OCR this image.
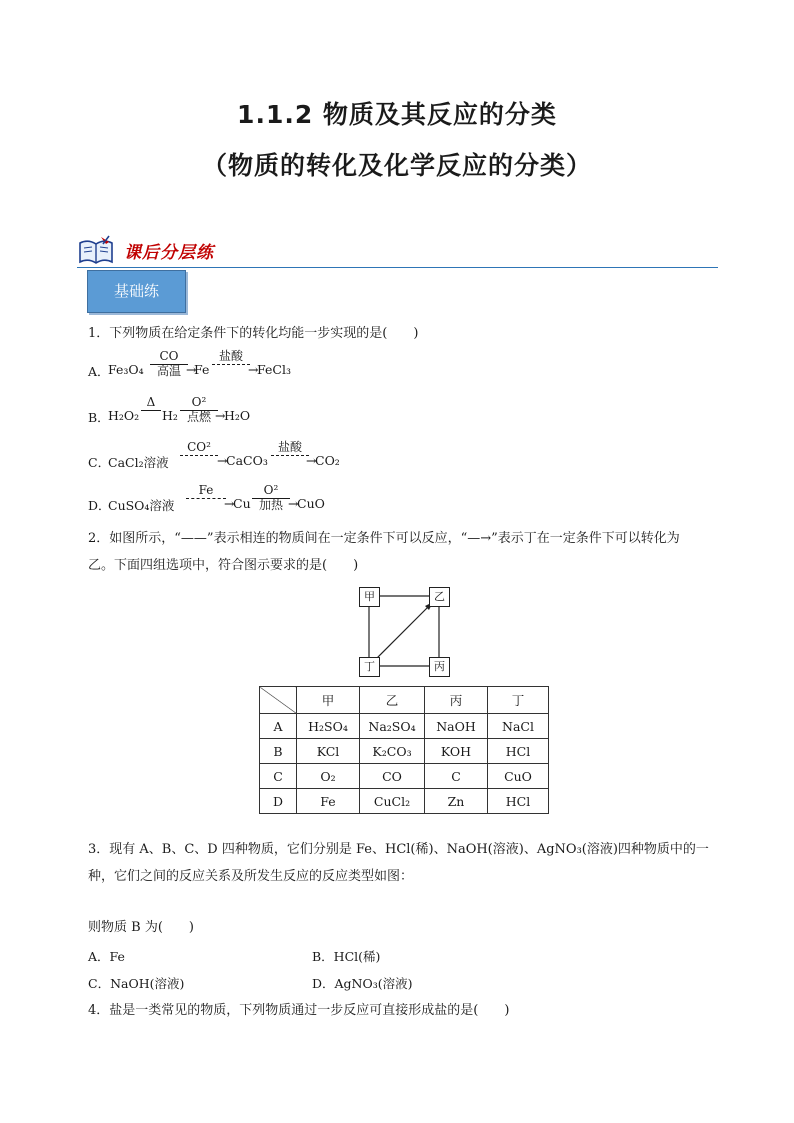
1.1.2 物质及其反应的分类
（物质的转化及化学反应的分类）
课后分层练
基础练
1．下列物质在给定条件下的转化均能一步实现的是(　　)
A．
Fe₃O₄
CO
高温 →
Fe
盐酸
→
FeCl₃
B．
H₂O₂
Δ
H₂
O²
点燃 →
H₂O
C．
CaCl₂溶液
CO²
→
CaCO₃
盐酸
→
CO₂
D．
CuSO₄溶液
Fe
→
Cu
O²
加热 →
CuO
2．如图所示，“——”表示相连的物质间在一定条件下可以反应，“—→”表示丁在一定条件下可以转化为
乙。下面四组选项中，符合图示要求的是(　　)
甲	乙
丁	丙
	甲	乙	丙	丁
A	H₂SO₄	Na₂SO₄	NaOH	NaCl
B	KCl	K₂CO₃	KOH	HCl
C	O₂	CO	C	CuO
D	Fe	CuCl₂	Zn	HCl
3．现有 A、B、C、D 四种物质，它们分别是 Fe、HCl(稀)、NaOH(溶液)、AgNO₃(溶液)四种物质中的一
种，它们之间的反应关系及所发生反应的反应类型如图：
则物质 B 为(　　)
A．Fe	B．HCl(稀)
C．NaOH(溶液)	D．AgNO₃(溶液)
4．盐是一类常见的物质，下列物质通过一步反应可直接形成盐的是(　　)
